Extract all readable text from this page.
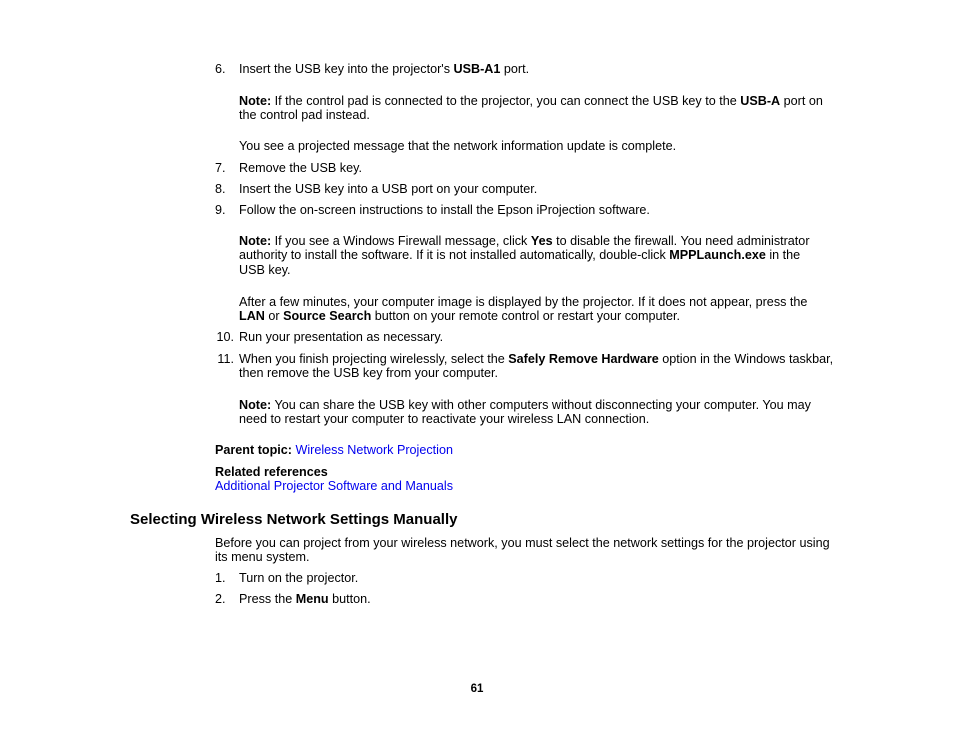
6.	Insert the USB key into the projector's USB-A1 port.
Note: If the control pad is connected to the projector, you can connect the USB key to the USB-A port on the control pad instead.
You see a projected message that the network information update is complete.
7.	Remove the USB key.
8.	Insert the USB key into a USB port on your computer.
9.	Follow the on-screen instructions to install the Epson iProjection software.
Note: If you see a Windows Firewall message, click Yes to disable the firewall. You need administrator authority to install the software. If it is not installed automatically, double-click MPPLaunch.exe in the USB key.
After a few minutes, your computer image is displayed by the projector. If it does not appear, press the LAN or Source Search button on your remote control or restart your computer.
10. Run your presentation as necessary.
11. When you finish projecting wirelessly, select the Safely Remove Hardware option in the Windows taskbar, then remove the USB key from your computer.
Note: You can share the USB key with other computers without disconnecting your computer. You may need to restart your computer to reactivate your wireless LAN connection.
Parent topic: Wireless Network Projection
Related references
Additional Projector Software and Manuals
Selecting Wireless Network Settings Manually
Before you can project from your wireless network, you must select the network settings for the projector using its menu system.
1.	Turn on the projector.
2.	Press the Menu button.
61
